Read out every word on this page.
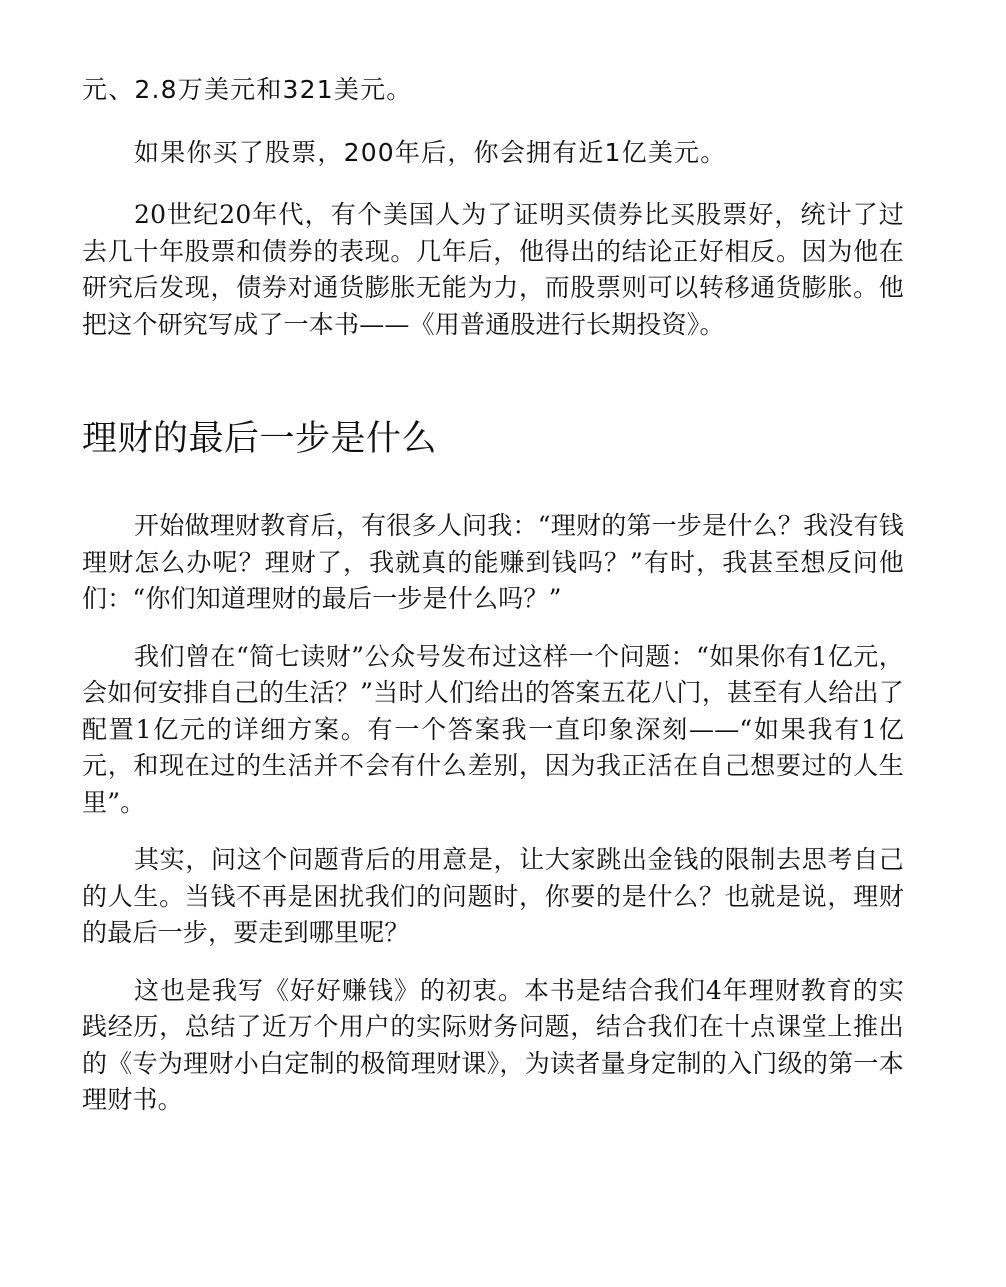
元、2.8万美元和321美元。

如果你买了股票，200年后，你会拥有近1亿美元。

20世纪20年代，有个美国人为了证明买债券比买股票好，统计了过去几十年股票和债券的表现。几年后，他得出的结论正好相反。因为他在研究后发现，债券对通货膨胀无能为力，而股票则可以转移通货膨胀。他把这个研究写成了一本书——《用普通股进行长期投资》。

理财的最后一步是什么

开始做理财教育后，有很多人问我：“理财的第一步是什么？我没有钱理财怎么办呢？理财了，我就真的能赚到钱吗？”有时，我甚至想反问他们：“你们知道理财的最后一步是什么吗？”

我们曾在“简七读财”公众号发布过这样一个问题：“如果你有1亿元，会如何安排自己的生活？”当时人们给出的答案五花八门，甚至有人给出了配置1亿元的详细方案。有一个答案我一直印象深刻——“如果我有1亿元，和现在过的生活并不会有什么差别，因为我正活在自己想要过的人生里”。

其实，问这个问题背后的用意是，让大家跳出金钱的限制去思考自己的人生。当钱不再是困扰我们的问题时，你要的是什么？也就是说，理财的最后一步，要走到哪里呢？

这也是我写《好好赚钱》的初衷。本书是结合我们4年理财教育的实践经历，总结了近万个用户的实际财务问题，结合我们在十点课堂上推出的《专为理财小白定制的极简理财课》，为读者量身定制的入门级的第一本理财书。
